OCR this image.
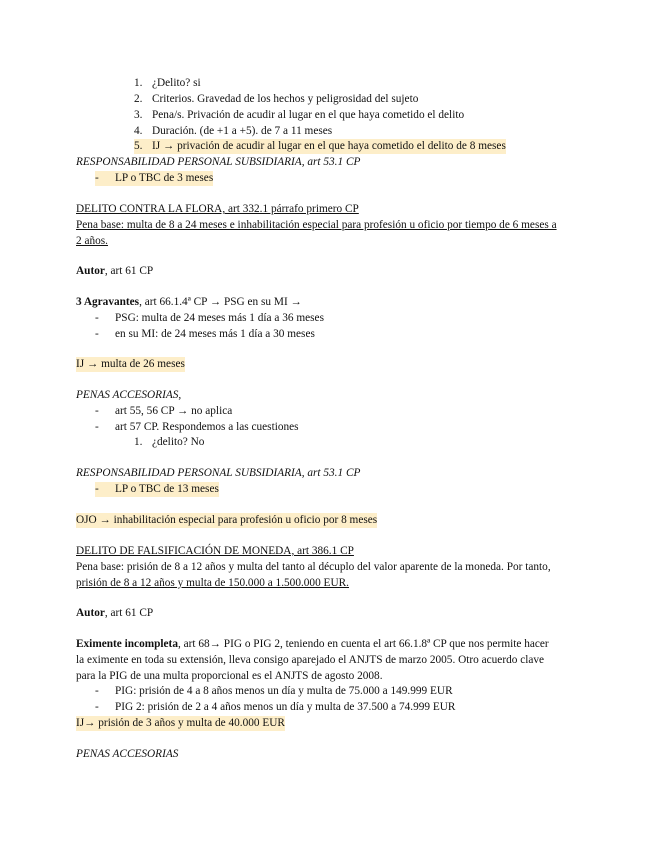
1. ¿Delito? si
2. Criterios. Gravedad de los hechos y peligrosidad del sujeto
3. Pena/s. Privación de acudir al lugar en el que haya cometido el delito
4. Duración. (de +1 a +5). de 7 a 11 meses
5. IJ → privación de acudir al lugar en el que haya cometido el delito de 8 meses
RESPONSABILIDAD PERSONAL SUBSIDIARIA, art 53.1 CP
- LP o TBC de 3 meses
DELITO CONTRA LA FLORA, art 332.1 párrafo primero CP
Pena base: multa de 8 a 24 meses e inhabilitación especial para profesión u oficio por tiempo de 6 meses a
2 años.
Autor, art 61 CP
3 Agravantes, art 66.1.4ª CP → PSG en su MI →
- PSG: multa de 24 meses más 1 día a 36 meses
- en su MI: de 24 meses más 1 día a 30 meses
IJ → multa de 26 meses
PENAS ACCESORIAS,
- art 55, 56 CP → no aplica
- art 57 CP. Respondemos a las cuestiones
1. ¿delito? No
RESPONSABILIDAD PERSONAL SUBSIDIARIA, art 53.1 CP
- LP o TBC de 13 meses
OJO → inhabilitación especial para profesión u oficio por 8 meses
DELITO DE FALSIFICACIÓN DE MONEDA, art 386.1 CP
Pena base: prisión de 8 a 12 años y multa del tanto al décuplo del valor aparente de la moneda. Por tanto,
prisión de 8 a 12 años y multa de 150.000 a 1.500.000 EUR.
Autor, art 61 CP
Eximente incompleta, art 68→ PIG o PIG 2, teniendo en cuenta el art 66.1.8ª CP que nos permite hacer
la eximente en toda su extensión, lleva consigo aparejado el ANJTS de marzo 2005. Otro acuerdo clave
para la PIG de una multa proporcional es el ANJTS de agosto 2008.
- PIG: prisión de 4 a 8 años menos un día y multa de 75.000 a 149.999 EUR
- PIG 2: prisión de 2 a 4 años menos un día y multa de 37.500 a 74.999 EUR
IJ→ prisión de 3 años y multa de 40.000 EUR
PENAS ACCESORIAS
